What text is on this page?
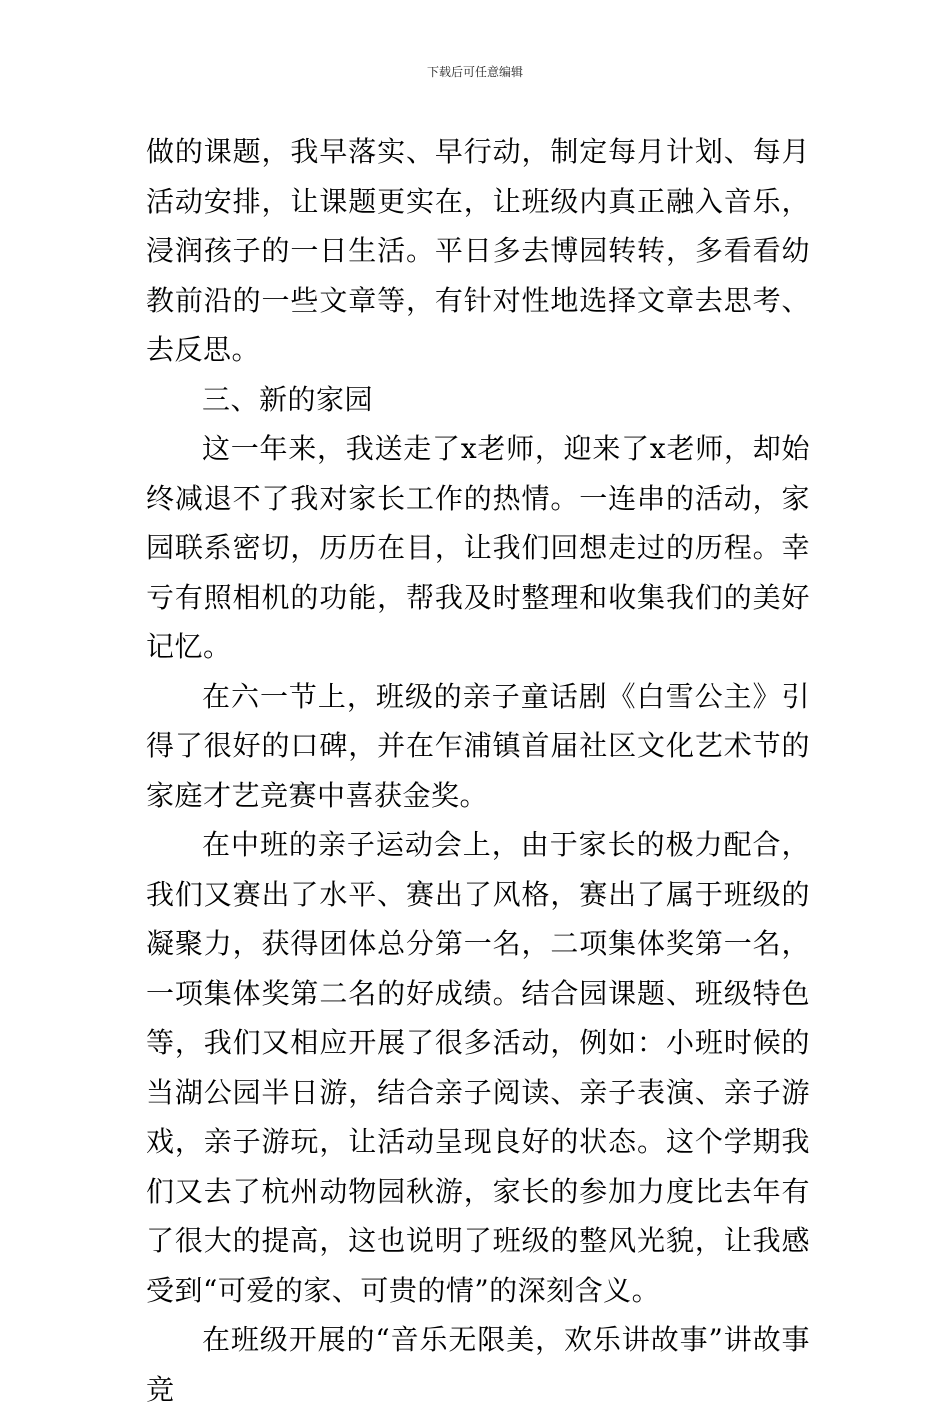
下载后可任意编辑

做的课题，我早落实、早行动，制定每月计划、每月活动安排，让课题更实在，让班级内真正融入音乐，浸润孩子的一日生活。平日多去博园转转，多看看幼教前沿的一些文章等，有针对性地选择文章去思考、去反思。

三、新的家园

这一年来，我送走了x老师，迎来了x老师，却始终减退不了我对家长工作的热情。一连串的活动，家园联系密切，历历在目，让我们回想走过的历程。幸亏有照相机的功能，帮我及时整理和收集我们的美好记忆。

在六一节上，班级的亲子童话剧《白雪公主》引得了很好的口碑，并在乍浦镇首届社区文化艺术节的家庭才艺竞赛中喜获金奖。

在中班的亲子运动会上，由于家长的极力配合，我们又赛出了水平、赛出了风格，赛出了属于班级的凝聚力，获得团体总分第一名，二项集体奖第一名，一项集体奖第二名的好成绩。结合园课题、班级特色等，我们又相应开展了很多活动，例如：小班时候的当湖公园半日游，结合亲子阅读、亲子表演、亲子游戏，亲子游玩，让活动呈现良好的状态。这个学期我们又去了杭州动物园秋游，家长的参加力度比去年有了很大的提高，这也说明了班级的整风光貌，让我感受到“可爱的家、可贵的情”的深刻含义。

在班级开展的“音乐无限美，欢乐讲故事”讲故事竞
